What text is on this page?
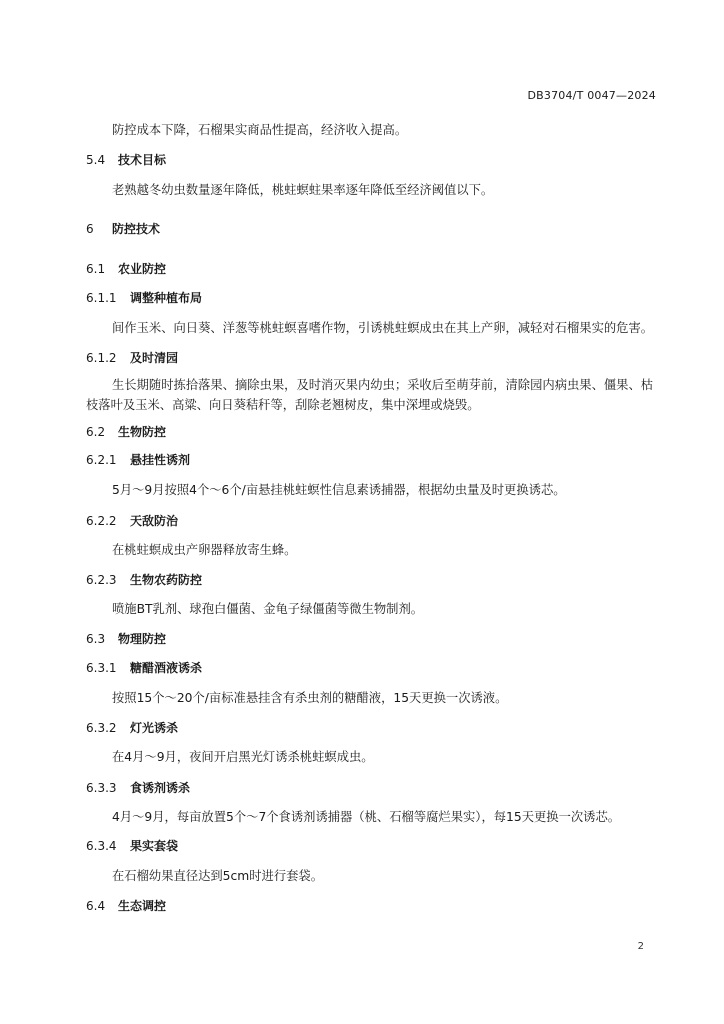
DB3704/T 0047—2024
防控成本下降，石榴果实商品性提高，经济收入提高。
5.4 技术目标
老熟越冬幼虫数量逐年降低，桃蛀螟蛀果率逐年降低至经济阈值以下。
6 防控技术
6.1 农业防控
6.1.1 调整种植布局
间作玉米、向日葵、洋葱等桃蛀螟喜嗜作物，引诱桃蛀螟成虫在其上产卵，减轻对石榴果实的危害。
6.1.2 及时清园
生长期随时拣拾落果、摘除虫果，及时消灭果内幼虫；采收后至萌芽前，清除园内病虫果、僵果、枯枝落叶及玉米、高粱、向日葵秸秆等，刮除老翘树皮，集中深埋或烧毁。
6.2 生物防控
6.2.1 悬挂性诱剂
5月～9月按照4个～6个/亩悬挂桃蛀螟性信息素诱捕器，根据幼虫量及时更换诱芯。
6.2.2 天敌防治
在桃蛀螟成虫产卵器释放寄生蜂。
6.2.3 生物农药防控
喷施BT乳剂、球孢白僵菌、金龟子绿僵菌等微生物制剂。
6.3 物理防控
6.3.1 糖醋酒液诱杀
按照15个～20个/亩标准悬挂含有杀虫剂的糖醋液，15天更换一次诱液。
6.3.2 灯光诱杀
在4月～9月，夜间开启黑光灯诱杀桃蛀螟成虫。
6.3.3 食诱剂诱杀
4月～9月，每亩放置5个～7个食诱剂诱捕器（桃、石榴等腐烂果实），每15天更换一次诱芯。
6.3.4 果实套袋
在石榴幼果直径达到5cm时进行套袋。
6.4 生态调控
2
